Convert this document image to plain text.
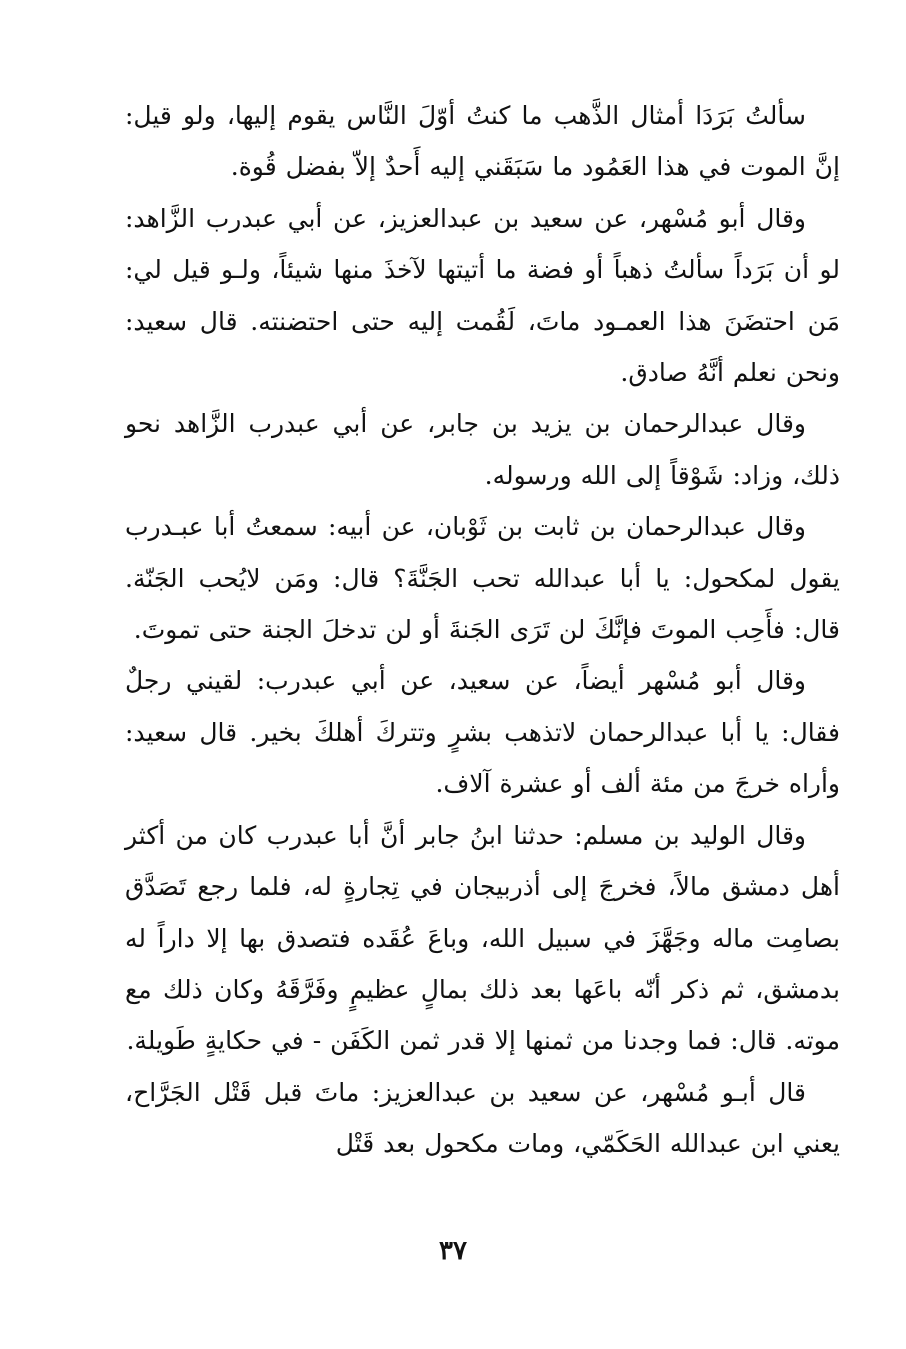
سألتُ بَرَدَا أمثال الذَّهب ما كنتُ أوّلَ النَّاس يقوم إليها، ولو قيل: إنَّ الموت في هذا العَمُود ما سَبَقَني إليه أَحدٌ إلاّ بفضل قُوة.

وقال أبو مُسْهر، عن سعيد بن عبدالعزيز، عن أبي عبدرب الزَّاهد: لو أن بَرَداً سألتُ ذهباً أو فضة ما أتيتها لآخذَ منها شيئاً، ولـو قيل لي: مَن احتضَنَ هذا العمـود ماتَ، لَقُمت إليه حتى احتضنته. قال سعيد: ونحن نعلم أنَّهُ صادق.

وقال عبدالرحمان بن يزيد بن جابر، عن أبي عبدرب الزَّاهد نحو ذلك، وزاد: شَوْقاً إلى الله ورسوله.

وقال عبدالرحمان بن ثابت بن ثَوْبان، عن أبيه: سمعتُ أبا عبـدرب يقول لمكحول: يا أبا عبدالله تحب الجَنَّةَ؟ قال: ومَن لايُحب الجَنّة. قال: فأَحِب الموتَ فإنَّكَ لن تَرَى الجَنةَ أو لن تدخلَ الجنة حتى تموتَ.

وقال أبو مُسْهر أيضاً، عن سعيد، عن أبي عبدرب: لقيني رجلٌ فقال: يا أبا عبدالرحمان لاتذهب بشرٍ وتتركَ أهلكَ بخير. قال سعيد: وأراه خرجَ من مئة ألف أو عشرة آلاف.

وقال الوليد بن مسلم: حدثنا ابنُ جابر أنَّ أبا عبدرب كان من أكثر أهل دمشق مالاً، فخرجَ إلى أذربيجان في تِجارةٍ له، فلما رجع تَصَدَّق بصامِت ماله وجَهَّزَ في سبيل الله، وباعَ عُقَده فتصدق بها إلا داراً له بدمشق، ثم ذكر أنّه باعَها بعد ذلك بمالٍ عظيمٍ وفَرَّقَهُ وكان ذلك مع موته. قال: فما وجدنا من ثمنها إلا قدر ثمن الكَفَن - في حكايةٍ طَويلة.

قال أبـو مُسْهر، عن سعيد بن عبدالعزيز: ماتَ قبل قَتْل الجَرَّاح، يعني ابن عبدالله الحَكَمّي، ومات مكحول بعد قَتْل

٣٧
